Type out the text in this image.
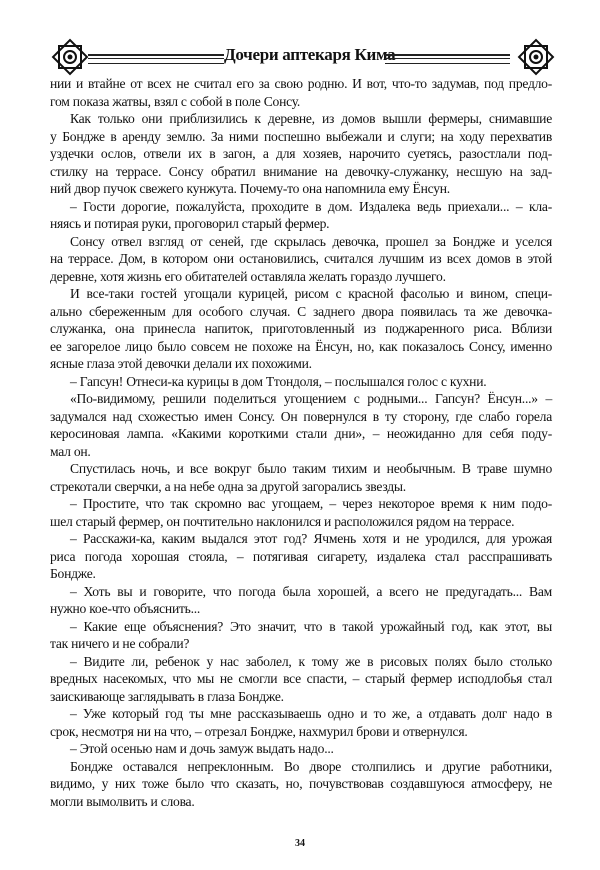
Дочери аптекаря Кима
нии и втайне от всех не считал его за свою родню. И вот, что-то задумав, под предло-
гом показа жатвы, взял с собой в поле Сонсу.
Как только они приблизились к деревне, из домов вышли фермеры, снимавшие
у Бондже в аренду землю. За ними поспешно выбежали и слуги; на ходу перехватив
уздечки ослов, отвели их в загон, а для хозяев, нарочито суетясь, разостлали под-
стилку на террасе. Сонсу обратил внимание на девочку-служанку, несшую на зад-
ний двор пучок свежего кунжута. Почему-то она напомнила ему Ёнсун.
– Гости дорогие, пожалуйста, проходите в дом. Издалека ведь приехали... – кла-
няясь и потирая руки, проговорил старый фермер.
Сонсу отвел взгляд от сеней, где скрылась девочка, прошел за Бондже и уселся
на террасе. Дом, в котором они остановились, считался лучшим из всех домов в этой
деревне, хотя жизнь его обитателей оставляла желать гораздо лучшего.
И все-таки гостей угощали курицей, рисом с красной фасолью и вином, специ-
ально сбереженным для особого случая. С заднего двора появилась та же девочка-
служанка, она принесла напиток, приготовленный из поджаренного риса. Вблизи
ее загорелое лицо было совсем не похоже на Ёнсун, но, как показалось Сонсу, именно
ясные глаза этой девочки делали их похожими.
– Гапсун! Отнеси-ка курицы в дом Ттондоля, – послышался голос с кухни.
«По-видимому, решили поделиться угощением с родными... Гапсун? Ёнсун...» –
задумался над схожестью имен Сонсу. Он повернулся в ту сторону, где слабо горела
керосиновая лампа. «Какими короткими стали дни», – неожиданно для себя поду-
мал он.
Спустилась ночь, и все вокруг было таким тихим и необычным. В траве шумно
стрекотали сверчки, а на небе одна за другой загорались звезды.
– Простите, что так скромно вас угощаем, – через некоторое время к ним подо-
шел старый фермер, он почтительно наклонился и расположился рядом на террасе.
– Расскажи-ка, каким выдался этот год? Ячмень хотя и не уродился, для урожая
риса погода хорошая стояла, – потягивая сигарету, издалека стал расспрашивать
Бондже.
– Хоть вы и говорите, что погода была хорошей, а всего не предугадать... Вам
нужно кое-что объяснить...
– Какие еще объяснения? Это значит, что в такой урожайный год, как этот, вы
так ничего и не собрали?
– Видите ли, ребенок у нас заболел, к тому же в рисовых полях было столько
вредных насекомых, что мы не смогли все спасти, – старый фермер исподлобья стал
заискивающе заглядывать в глаза Бондже.
– Уже который год ты мне рассказываешь одно и то же, а отдавать долг надо в
срок, несмотря ни на что, – отрезал Бондже, нахмурил брови и отвернулся.
– Этой осенью нам и дочь замуж выдать надо...
Бондже оставался непреклонным. Во дворе столпились и другие работники,
видимо, у них тоже было что сказать, но, почувствовав создавшуюся атмосферу, не
могли вымолвить и слова.
34
